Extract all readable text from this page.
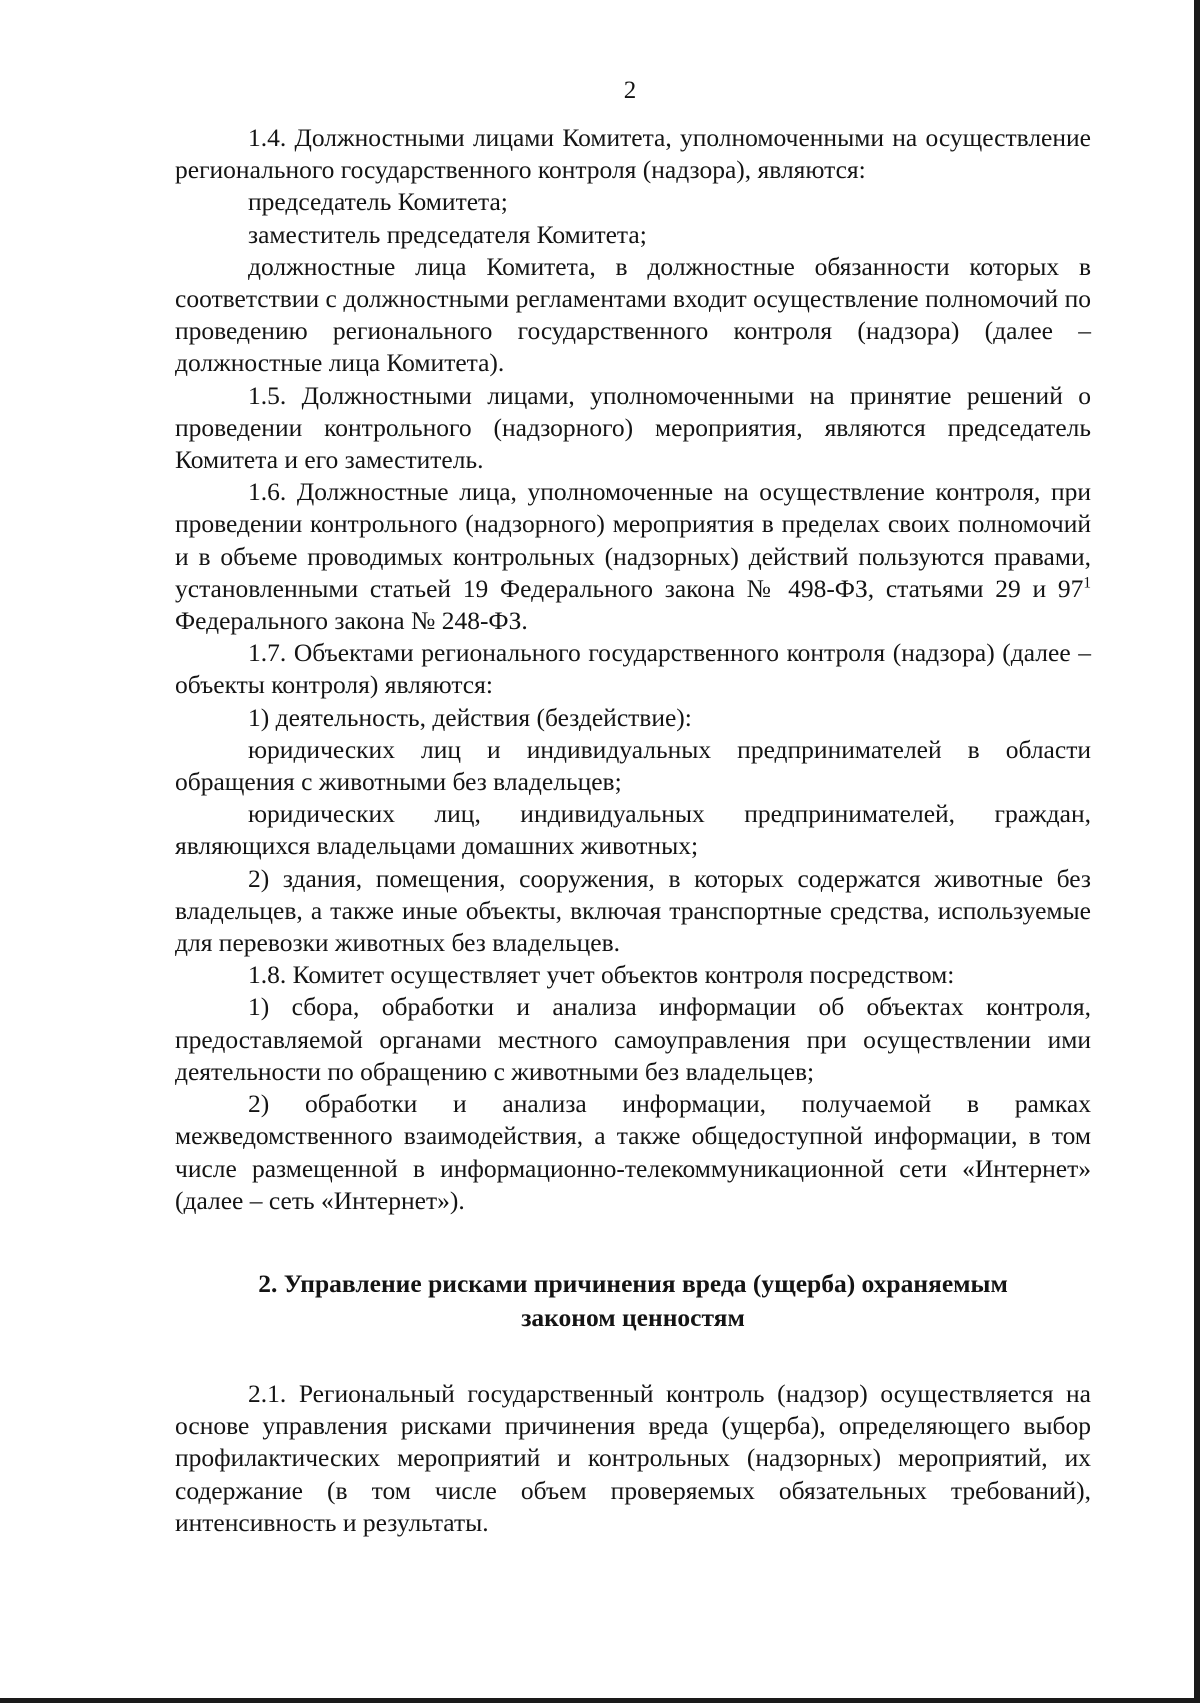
2

1.4. Должностными лицами Комитета, уполномоченными на осуществление регионального государственного контроля (надзора), являются:

председатель Комитета;

заместитель председателя Комитета;

должностные лица Комитета, в должностные обязанности которых в соответствии с должностными регламентами входит осуществление полномочий по проведению регионального государственного контроля (надзора) (далее – должностные лица Комитета).

1.5. Должностными лицами, уполномоченными на принятие решений о проведении контрольного (надзорного) мероприятия, являются председатель Комитета и его заместитель.

1.6. Должностные лица, уполномоченные на осуществление контроля, при проведении контрольного (надзорного) мероприятия в пределах своих полномочий и в объеме проводимых контрольных (надзорных) действий пользуются правами, установленными статьей 19 Федерального закона № 498-ФЗ, статьями 29 и $97^1$ Федерального закона № 248-ФЗ.

1.7. Объектами регионального государственного контроля (надзора) (далее – объекты контроля) являются:

1) деятельность, действия (бездействие):

юридических лиц и индивидуальных предпринимателей в области обращения с животными без владельцев;

юридических лиц, индивидуальных предпринимателей, граждан, являющихся владельцами домашних животных;

2) здания, помещения, сооружения, в которых содержатся животные без владельцев, а также иные объекты, включая транспортные средства, используемые для перевозки животных без владельцев.

1.8. Комитет осуществляет учет объектов контроля посредством:

1) сбора, обработки и анализа информации об объектах контроля, предоставляемой органами местного самоуправления при осуществлении ими деятельности по обращению с животными без владельцев;

2) обработки и анализа информации, получаемой в рамках межведомственного взаимодействия, а также общедоступной информации, в том числе размещенной в информационно-телекоммуникационной сети «Интернет» (далее – сеть «Интернет»).

2. Управление рисками причинения вреда (ущерба) охраняемым
законом ценностям

2.1. Региональный государственный контроль (надзор) осуществляется на основе управления рисками причинения вреда (ущерба), определяющего выбор профилактических мероприятий и контрольных (надзорных) мероприятий, их содержание (в том числе объем проверяемых обязательных требований), интенсивность и результаты.
